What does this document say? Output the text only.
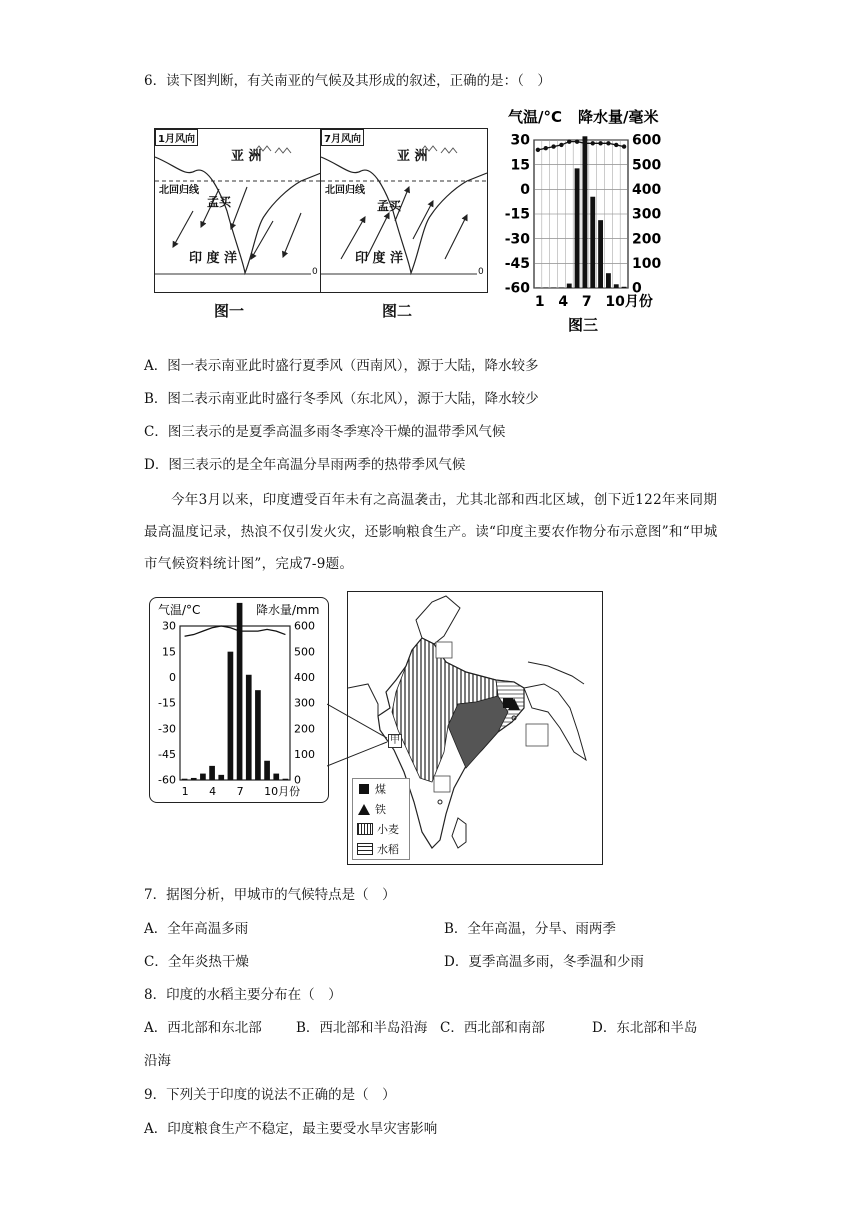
6．读下图判断，有关南亚的气候及其形成的叙述，正确的是：（　）
1月风向
亚 洲
北回归线
孟买
印 度 洋
0
图一
7月风向
亚 洲
北回归线
孟买
印 度 洋
0
图二
气温/°C 降水量/毫米
30
15
0
-15
-30
-45
-60
600
500
400
300
200
100
0
1 4 7 10月份
图三
A．图一表示南亚此时盛行夏季风（西南风），源于大陆，降水较多
B．图二表示南亚此时盛行冬季风（东北风），源于大陆，降水较少
C．图三表示的是夏季高温多雨冬季寒冷干燥的温带季风气候
D．图三表示的是全年高温分旱雨两季的热带季风气候
今年3月以来，印度遭受百年未有之高温袭击，尤其北部和西北区域，创下近122年来同期最高温度记录，热浪不仅引发火灾，还影响粮食生产。读“印度主要农作物分布示意图”和“甲城市气候资料统计图”，完成7-9题。
气温/°C	降水量/mm
30
15
0
-15
-30
-45
-60
600
500
400
300
200
100
0
1 4 7 10月份
甲
煤
铁
小麦
水稻
7．据图分析，甲城市的气候特点是（　）
A．全年高温多雨	B．全年高温，分旱、雨两季
C．全年炎热干燥	D．夏季高温多雨，冬季温和少雨
8．印度的水稻主要分布在（　）
A．西北部和东北部	B．西北部和半岛沿海 C．西北部和南部	D．东北部和半岛
沿海
9．下列关于印度的说法不正确的是（　）
A．印度粮食生产不稳定，最主要受水旱灾害影响
